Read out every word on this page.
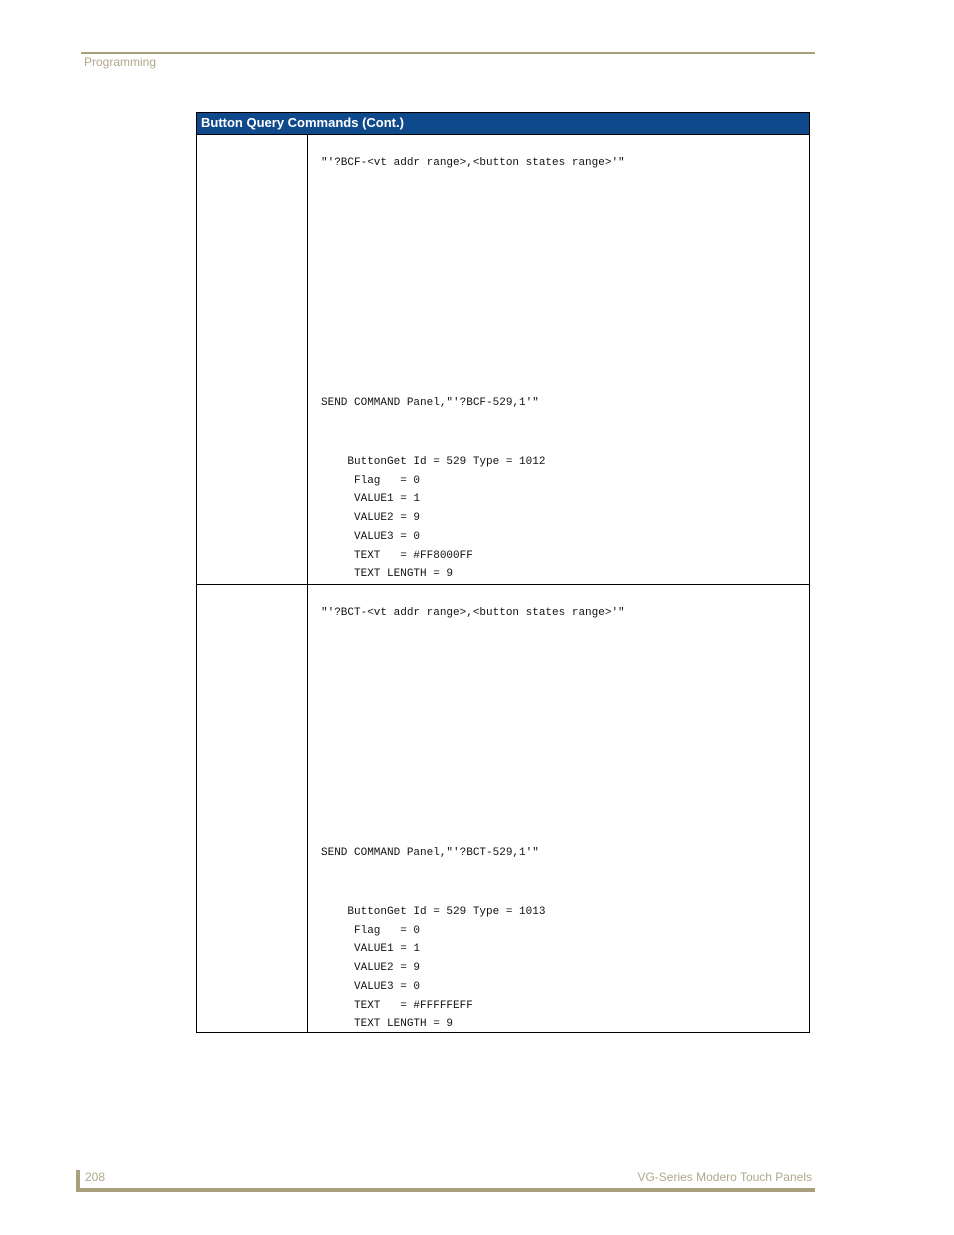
Programming
Button Query Commands (Cont.)
"'?BCF-<vt addr range>,<button states range>'"
SEND COMMAND Panel,"'?BCF-529,1'"
ButtonGet Id = 529 Type = 1012
Flag   = 0
VALUE1 = 1
VALUE2 = 9
VALUE3 = 0
TEXT   = #FF8000FF
TEXT LENGTH = 9
"'?BCT-<vt addr range>,<button states range>'"
SEND COMMAND Panel,"'?BCT-529,1'"
ButtonGet Id = 529 Type = 1013
Flag   = 0
VALUE1 = 1
VALUE2 = 9
VALUE3 = 0
TEXT   = #FFFFFEFF
TEXT LENGTH = 9
208	VG-Series Modero Touch Panels
